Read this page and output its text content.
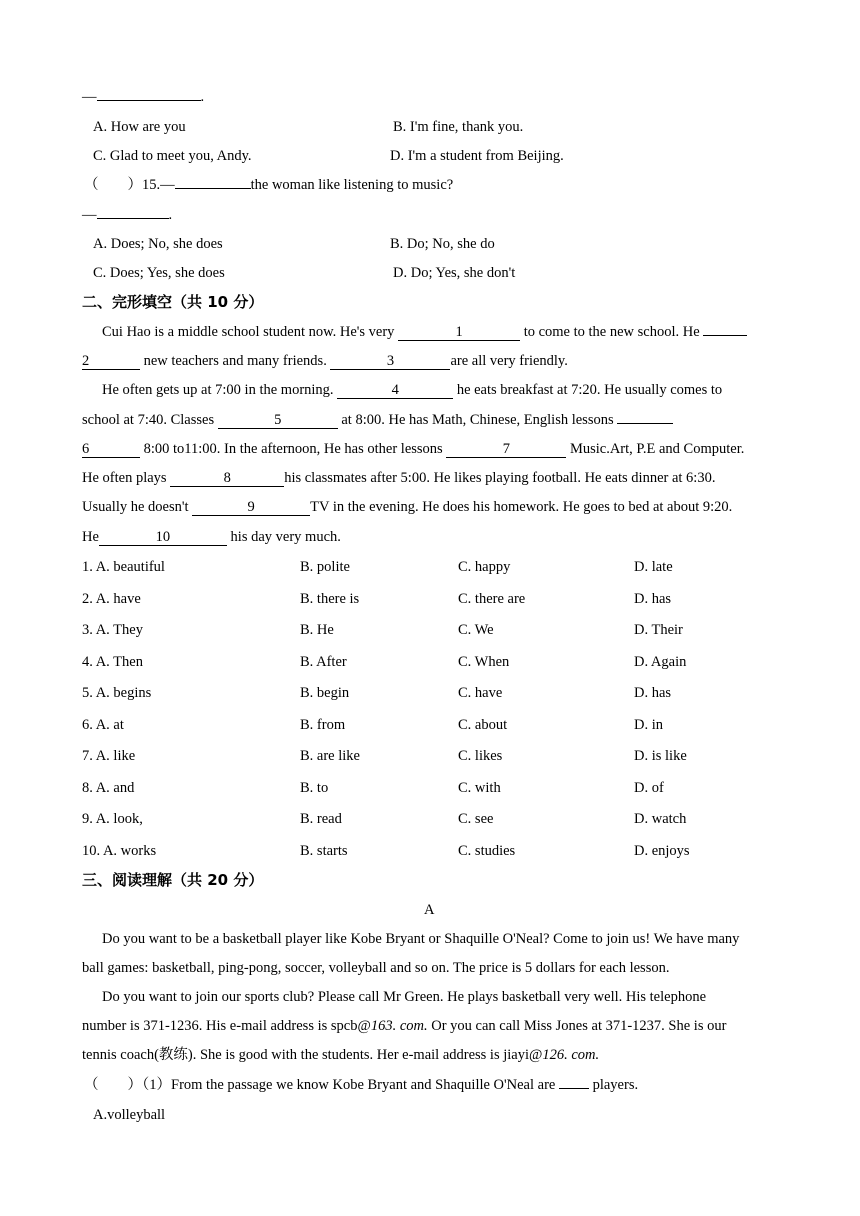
—	.
A. How are you	B. I'm fine, thank you.
C. Glad to meet you, Andy.	D. I'm a student from Beijing.
（　　）15.—	the woman like listening to music?
—	.
A. Does; No, she does	B. Do; No, she do
C. Does; Yes, she does	D. Do; Yes, she don't
二、完形填空（共 10 分）
Cui Hao is a middle school student now. He's very	1	to come to the new school. He
2	new teachers and many friends.	3	are all very friendly.
He often gets up at 7:00 in the morning.	4	he eats breakfast at 7:20. He usually comes to
school at 7:40. Classes	5	at 8:00. He has Math, Chinese, English lessons
6	8:00 to11:00. In the afternoon, He has other lessons	7	Music.Art, P.E and Computer.
He often plays	8	his classmates after 5:00. He likes playing football. He eats dinner at 6:30.
Usually he doesn't	9	TV in the evening. He does his homework. He goes to bed at about 9:20.
He	10	his day very much.
1. A. beautiful	B. polite	C. happy	D. late
2. A. have	B. there is	C. there are	D. has
3. A. They	B. He	C. We	D. Their
4. A. Then	B. After	C. When	D. Again
5. A. begins	B. begin	C. have	D. has
6. A. at	B. from	C. about	D. in
7. A. like	B. are like	C. likes	D. is like
8. A. and	B. to	C. with	D. of
9. A. look,	B. read	C. see	D. watch
10. A. works	B. starts	C. studies	D. enjoys
三、阅读理解（共 20 分）
A
Do you want to be a basketball player like Kobe Bryant or Shaquille O'Neal? Come to join us! We have many
ball games: basketball, ping-pong, soccer, volleyball and so on. The price is 5 dollars for each lesson.
Do you want to join our sports club? Please call Mr Green. He plays basketball very well. His telephone
number is 371-1236. His e-mail address is spcb@163. com. Or you can call Miss Jones at 371-1237. She is our
tennis coach(教练). She is good with the students. Her e-mail address is jiayi@126. com.
（　　）（1）From the passage we know Kobe Bryant and Shaquille O'Neal are	players.
A.volleyball
